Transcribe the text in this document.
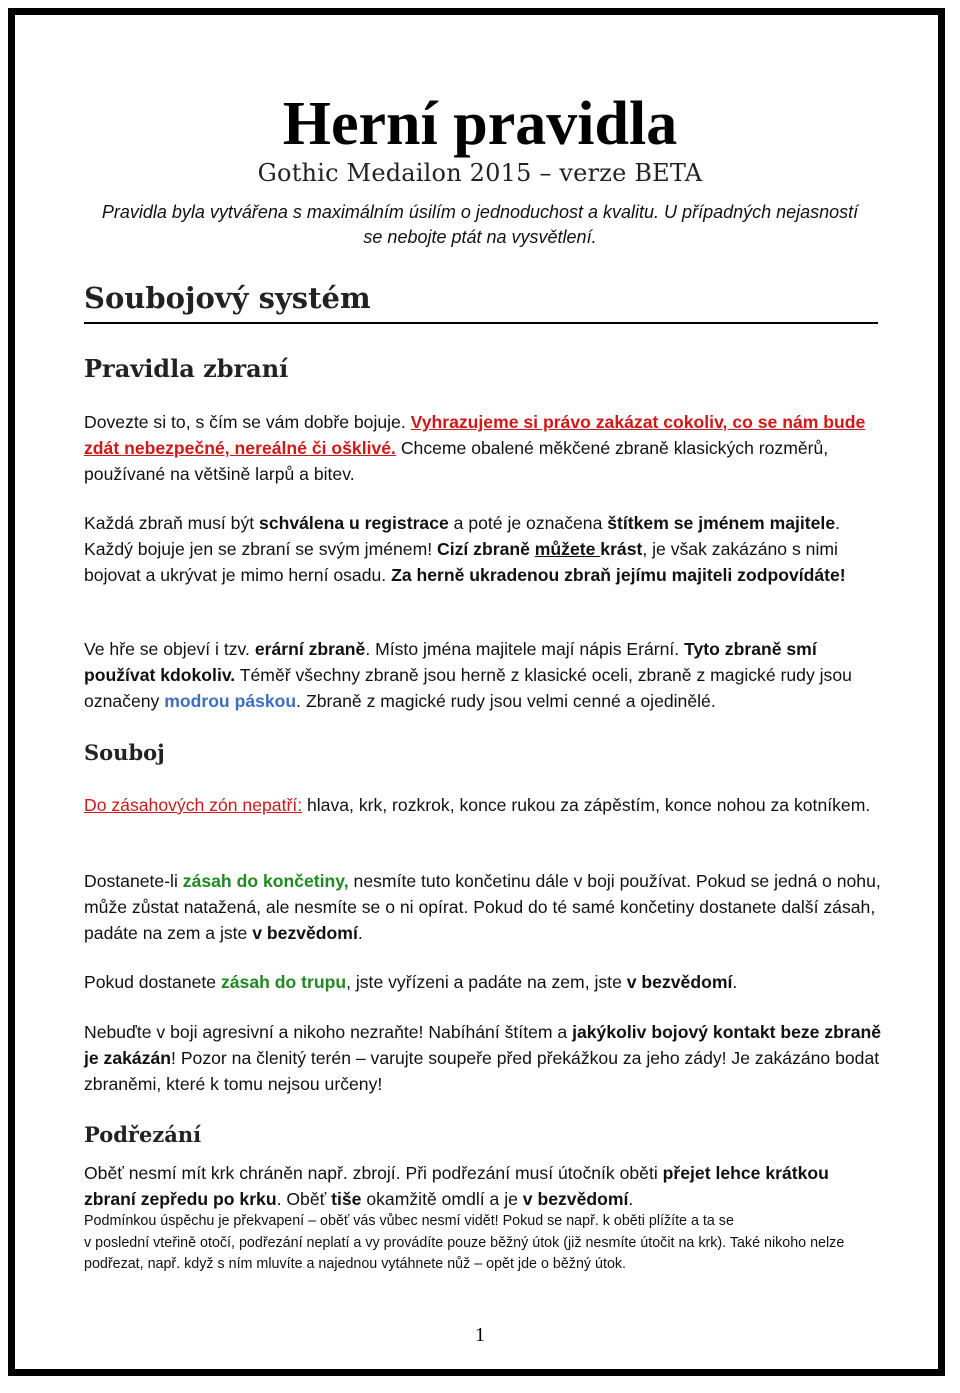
Herní pravidla
Gothic Medailon 2015 – verze BETA

Pravidla byla vytvářena s maximálním úsilím o jednoduchost a kvalitu. U případných nejasností se nebojte ptát na vysvětlení.

Soubojový systém
Pravidla zbraní

Dovezte si to, s čím se vám dobře bojuje. Vyhrazujeme si právo zakázat cokoliv, co se nám bude zdát nebezpečné, nereálné či ošklivé. Chceme obalené měkčené zbraně klasických rozměrů, používané na většině larpů a bitev.

Každá zbraň musí být schválena u registrace a poté je označena štítkem se jménem majitele. Každý bojuje jen se zbraní se svým jménem! Cizí zbraně můžete krást, je však zakázáno s nimi bojovat a ukrývat je mimo herní osadu. Za herně ukradenou zbraň jejímu majiteli zodpovídáte!

Ve hře se objeví i tzv. erární zbraně. Místo jména majitele mají nápis Erární. Tyto zbraně smí používat kdokoliv. Téměř všechny zbraně jsou herně z klasické oceli, zbraně z magické rudy jsou označeny modrou páskou. Zbraně z magické rudy jsou velmi cenné a ojedinělé.

Souboj

Do zásahových zón nepatří: hlava, krk, rozkrok, konce rukou za zápěstím, konce nohou za kotníkem.

Dostanete-li zásah do končetiny, nesmíte tuto končetinu dále v boji používat. Pokud se jedná o nohu, může zůstat natažená, ale nesmíte se o ni opírat. Pokud do té samé končetiny dostanete další zásah, padáte na zem a jste v bezvědomí.

Pokud dostanete zásah do trupu, jste vyřízeni a padáte na zem, jste v bezvědomí.

Nebuďte v boji agresivní a nikoho nezraňte! Nabíhání štítem a jakýkoliv bojový kontakt beze zbraně je zakázán! Pozor na členitý terén – varujte soupeře před překážkou za jeho zády! Je zakázáno bodat zbraněmi, které k tomu nejsou určeny!

Podřezání

Oběť nesmí mít krk chráněn např. zbrojí. Při podřezání musí útočník oběti přejet lehce krátkou zbraní zepředu po krku. Oběť tiše okamžitě omdlí a je v bezvědomí.

Podmínkou úspěchu je překvapení – oběť vás vůbec nesmí vidět! Pokud se např. k oběti plížíte a ta se

v poslední vteřině otočí, podřezání neplatí a vy provádíte pouze běžný útok (již nesmíte útočit na krk). Také nikoho nelze podřezat, např. když s ním mluvíte a najednou vytáhnete nůž – opět jde o běžný útok.

1
